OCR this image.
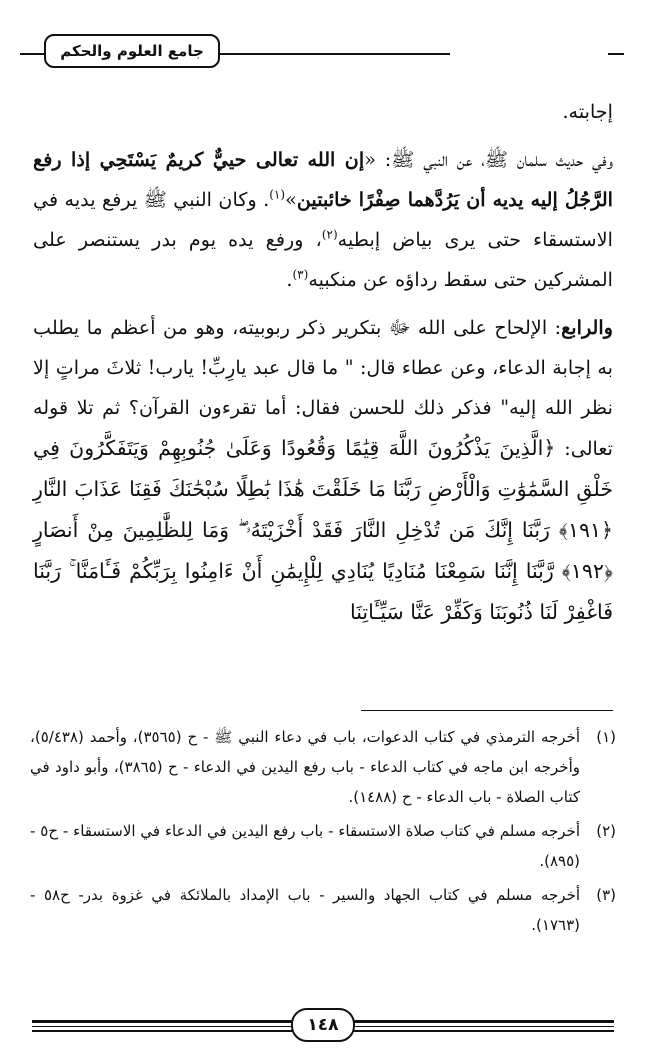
جامع العلوم والحكم

إجابته.

وفي حديث سلمان ﷺ، عن النبي ﷺ: «إن الله تعالى حييٌّ كريمٌ يَسْتَحِي إذا رفع الرَّجُلُ إليه يديه أن يَرُدَّهما صِفْرًا خائبتين»$^{(١)}$. وكان النبي ﷺ يرفع يديه في الاستسقاء حتى يرى بياض إبطيه$^{(٢)}$، ورفع يده يوم بدر يستنصر على المشركين حتى سقط رداؤه عن منكبيه$^{(٣)}$.

والرابع: الإلحاح على الله ﷻ بتكرير ذكر ربوبيته، وهو من أعظم ما يطلب به إجابة الدعاء، وعن عطاء قال: " ما قال عبد يارِبِّ! يارب! ثلاثَ مراتٍ إلا نظر الله إليه" فذكر ذلك للحسن فقال: أما تقرءون القرآن؟ ثم تلا قوله تعالى: ﴿الَّذِينَ يَذْكُرُونَ اللَّهَ قِيَٰمًا وَقُعُودًا وَعَلَىٰ جُنُوبِهِمْ وَيَتَفَكَّرُونَ فِي خَلْقِ السَّمَٰوَٰتِ وَالْأَرْضِ رَبَّنَا مَا خَلَقْتَ هَٰذَا بَٰطِلًا سُبْحَٰنَكَ فَقِنَا عَذَابَ النَّارِ ﴿١٩١﴾ رَبَّنَا إِنَّكَ مَن تُدْخِلِ النَّارَ فَقَدْ أَخْزَيْتَهُۥ ۖ وَمَا لِلظَّٰلِمِينَ مِنْ أَنصَارٍ ﴿١٩٢﴾ رَّبَّنَا إِنَّنَا سَمِعْنَا مُنَادِيًا يُنَادِي لِلْإِيمَٰنِ أَنْ ءَامِنُوا بِرَبِّكُمْ فَـَٔامَنَّا ۚ رَبَّنَا فَاغْفِرْ لَنَا ذُنُوبَنَا وَكَفِّرْ عَنَّا سَيِّـَٔاتِنَا

(١)
أخرجه الترمذي في كتاب الدعوات، باب في دعاء النبي ﷺ - ح (٣٥٦٥)، وأحمد (٥/٤٣٨)، وأخرجه ابن ماجه في كتاب الدعاء - باب رفع اليدين في الدعاء - ح (٣٨٦٥)، وأبو داود في كتاب الصلاة - باب الدعاء - ح (١٤٨٨).
(٢)
أخرجه مسلم في كتاب صلاة الاستسقاء - باب رفع اليدين في الدعاء في الاستسقاء - ح٥ - (٨٩٥).
(٣)
أخرجه مسلم في كتاب الجهاد والسير - باب الإمداد بالملائكة في غزوة بدر- ح٥٨ - (١٧٦٣).
١٤٨
